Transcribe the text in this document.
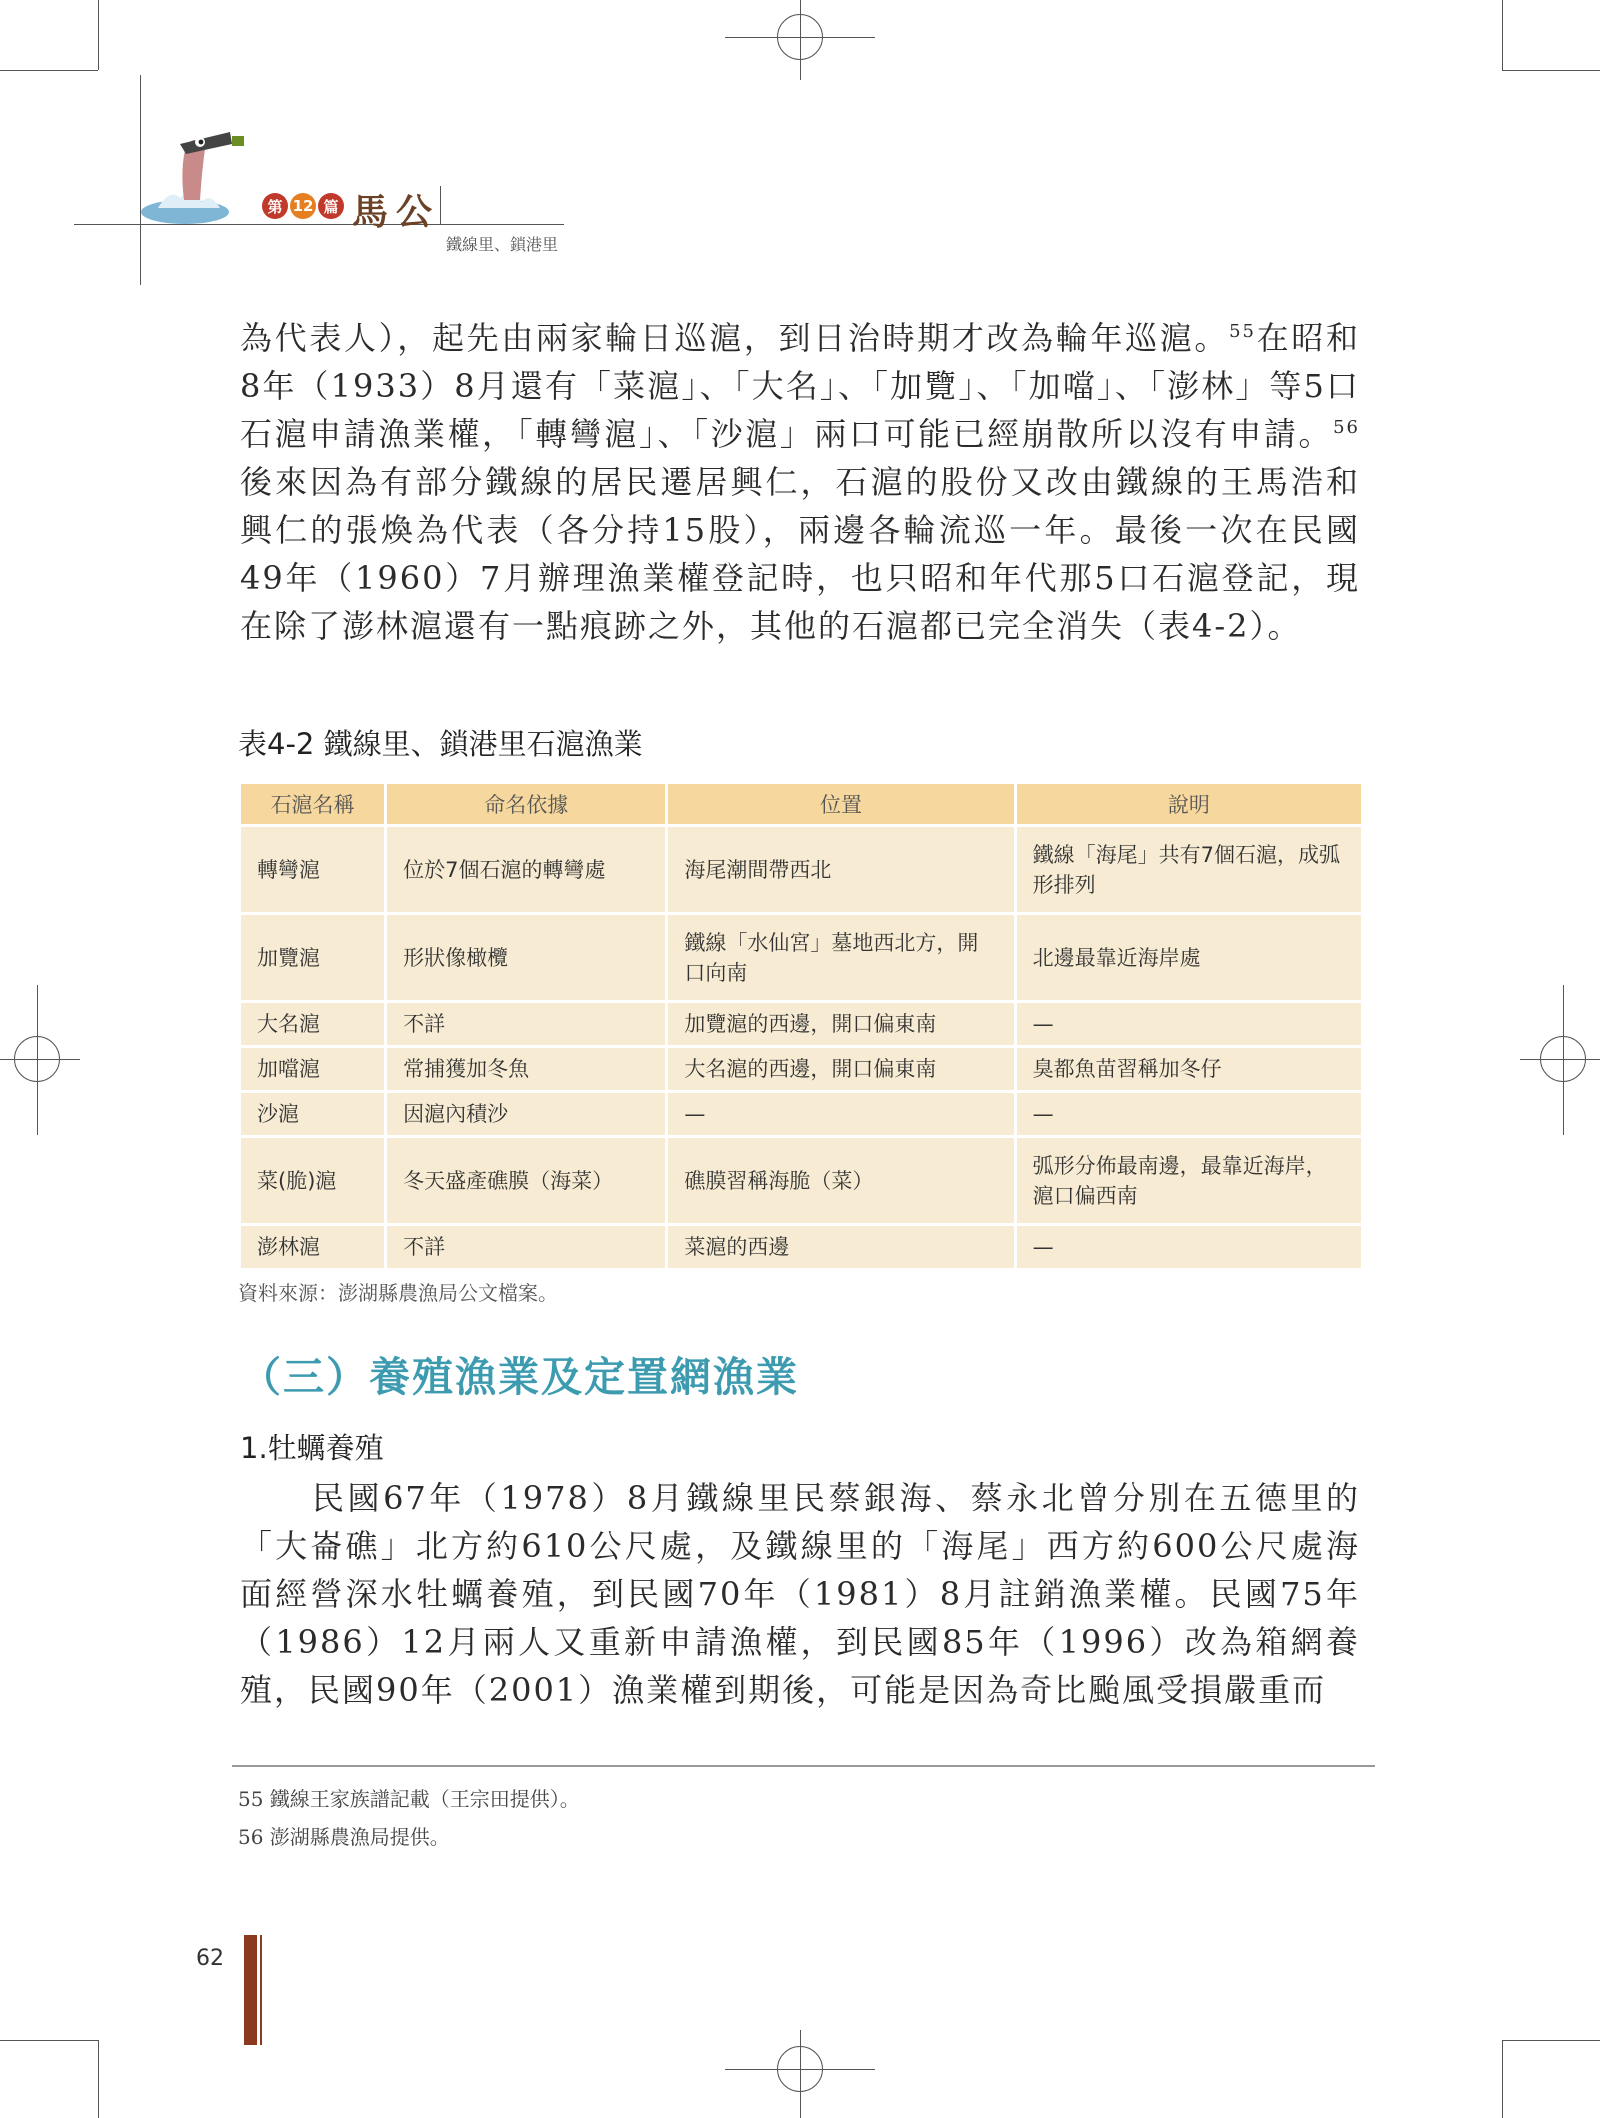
第 12 篇 馬公
鐵線里、鎖港里
為代表人），起先由兩家輪日巡滬，到日治時期才改為輪年巡滬。$^{55}$在昭和8年（1933）8月還有「菜滬」、「大名」、「加覽」、「加噹」、「澎林」等5口石滬申請漁業權，「轉彎滬」、「沙滬」兩口可能已經崩散所以沒有申請。$^{56}$後來因為有部分鐵線的居民遷居興仁，石滬的股份又改由鐵線的王馬浩和興仁的張煥為代表（各分持15股），兩邊各輪流巡一年。最後一次在民國49年（1960）7月辦理漁業權登記時，也只昭和年代那5口石滬登記，現在除了澎林滬還有一點痕跡之外，其他的石滬都已完全消失（表4-2）。
表4-2 鐵線里、鎖港里石滬漁業
石滬名稱	命名依據	位置	說明
轉彎滬	位於7個石滬的轉彎處	海尾潮間帶西北	鐵線「海尾」共有7個石滬，成弧形排列
加覽滬	形狀像橄欖	鐵線「水仙宮」墓地西北方，開口向南	北邊最靠近海岸處
大名滬	不詳	加覽滬的西邊，開口偏東南	—
加噹滬	常捕獲加冬魚	大名滬的西邊，開口偏東南	臭都魚苗習稱加冬仔
沙滬	因滬內積沙	—	—
菜(脆)滬	冬天盛產礁膜（海菜）	礁膜習稱海脆（菜）	弧形分佈最南邊，最靠近海岸，滬口偏西南
澎林滬	不詳	菜滬的西邊	—
資料來源：澎湖縣農漁局公文檔案。
（三）養殖漁業及定置網漁業
1.牡蠣養殖
民國67年（1978）8月鐵線里民蔡銀海、蔡永北曾分別在五德里的「大崙礁」北方約610公尺處，及鐵線里的「海尾」西方約600公尺處海面經營深水牡蠣養殖，到民國70年（1981）8月註銷漁業權。民國75年（1986）12月兩人又重新申請漁權，到民國85年（1996）改為箱網養殖，民國90年（2001）漁業權到期後，可能是因為奇比颱風受損嚴重而
55 鐵線王家族譜記載（王宗田提供）。
56 澎湖縣農漁局提供。
62
